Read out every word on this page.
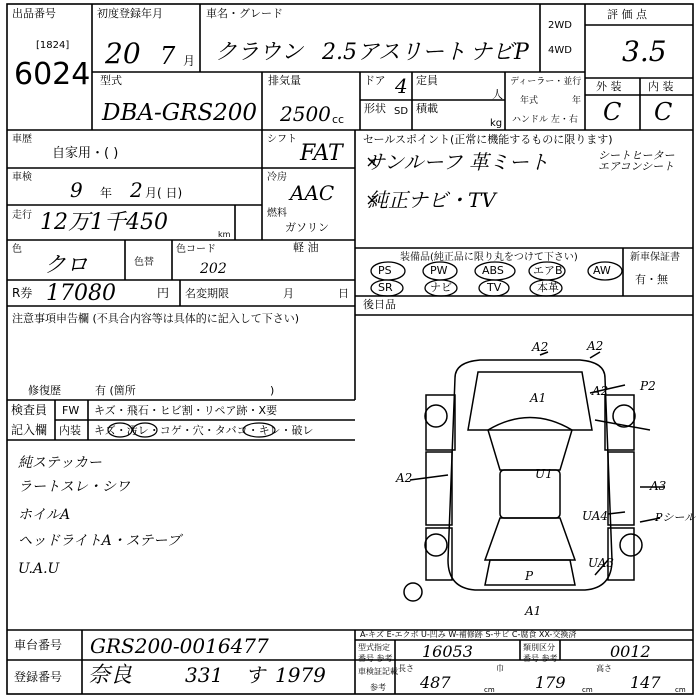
出品番号
[1824]
6024
初度登録年月
20 7 月
車名・グレード
クラウン 2.5アスリート ナビP
2WD
4WD
評 価 点
3.5
外 装 内 装
C C
型式
DBA-GRS200
排気量
2500 cc
ドア 4
形状 SD
定員
人
積載
kg
ディーラー・並行
年式	年
ハンドル 左・右
車歴
自家用・( )
シフト
FAT
車検
9 年 2 月( 日)
冷房
AAC
走行 12万1千450	km
燃料
ガソリン
軽 油
色
クロ	色替
色コード
202
R券 17080	円 名変期限	月	日
注意事項申告欄 (不具合内容等は具体的に記入して下さい)
修復歴	有 (箇所	)
セールスポイント(正常に機能するものに限ります)
サンルーフ 革ミート	シートヒーター エアコンシート
純正ナビ・TV
装備品(純正品に限り丸をつけて下さい)	新車保証書
有・無
PS	PW	ABS	エアB	AW
SR	ナビ	TV	本革
後日品
検査員
記入欄
FW キズ・飛石・ヒビ割・リペア跡・X要
内装 キズ・汚レ・コゲ・穴・タバコ・キレ・破レ
純ステッカー
ラートスレ・シワ
ホイルA
ヘッドライトA・ステーブ
U.A.U
A2	A2
A1	A2	P2
A2
A3
U1
UA4	Pシール
UA3
P
A1
A-キズ E-エクボ U-凹み W-補修跡 S-サビ C-腐食 XX-交換済
車台番号 GRS200-0016477
登録番号 奈良	331 す 1979
型式指定番号 参考 16053	類別区分番号 参考	0012
車検証記載
参考
長さ
487	cm
巾
179 cm
高さ
147 cm
